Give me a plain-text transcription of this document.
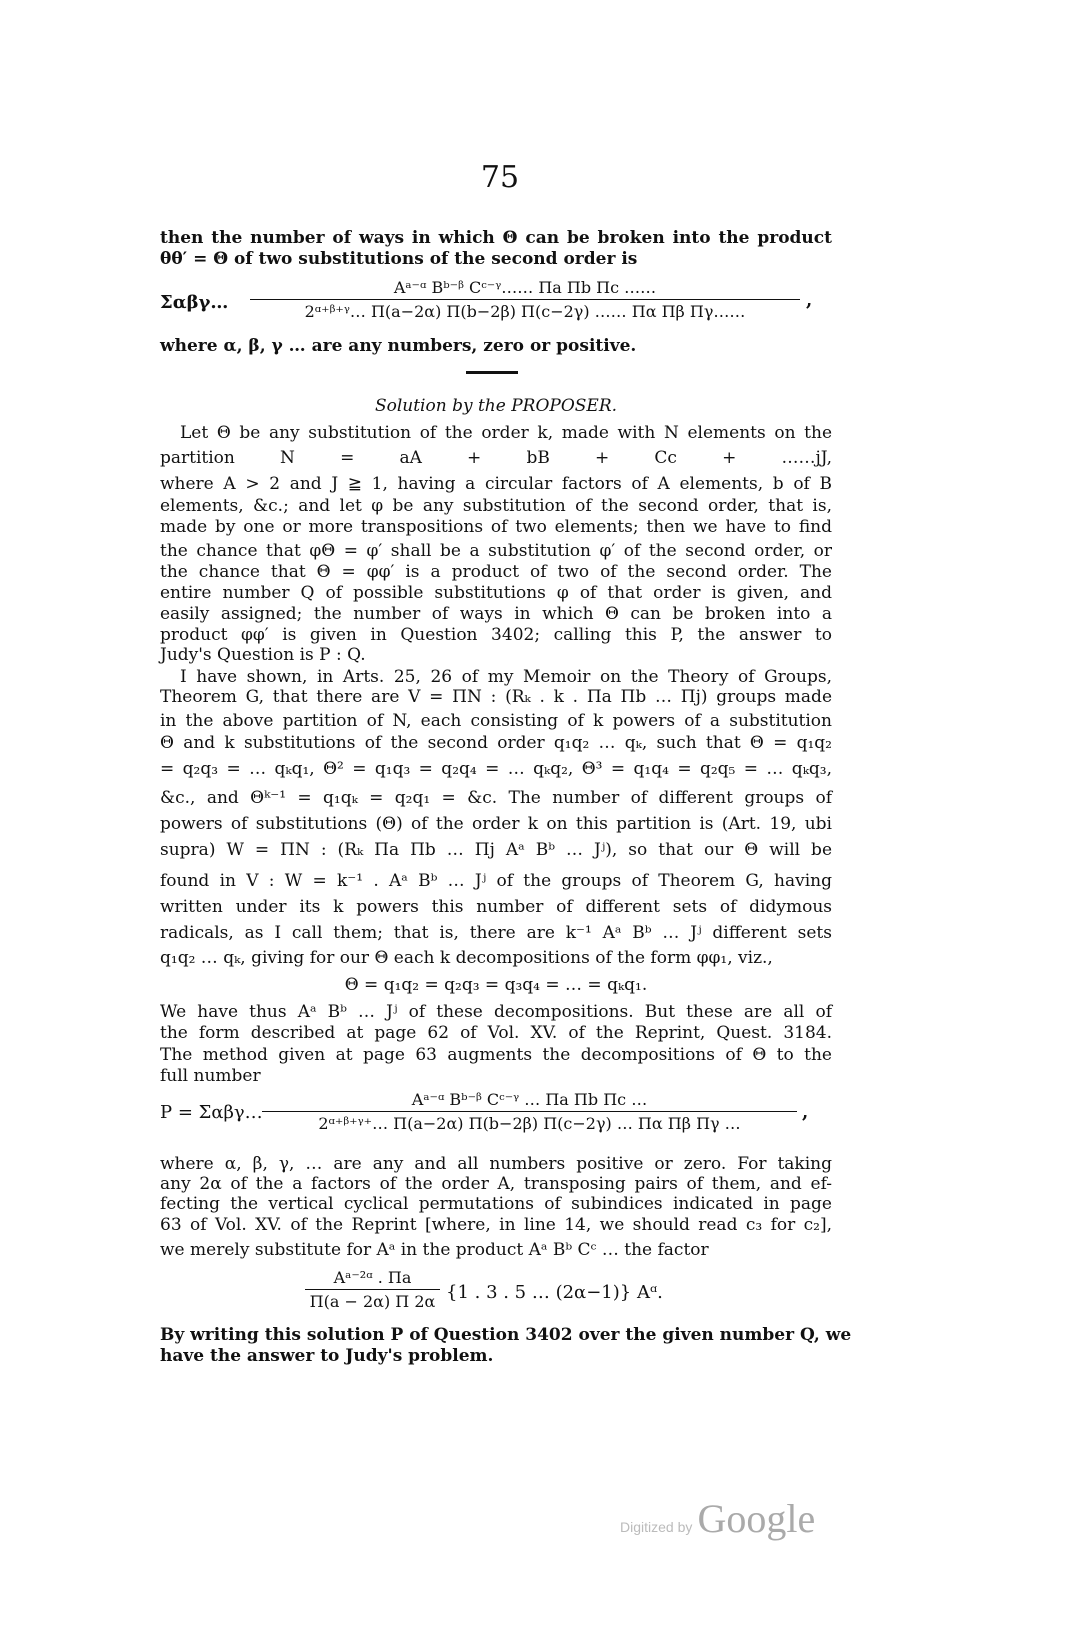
75
then the number of ways in which Θ can be broken into the product
θθ′ = Θ of two substitutions of the second order is
Σαβγ… $\frac{\text{Aᵃ⁻ᵅ Bᵇ⁻ᵝ Cᶜ⁻ᵞ…… Πa Πb Πc ……}}{\text{2ᵅ⁺ᵝ⁺ᵞ… Π(a−2α) Π(b−2β) Π(c−2γ) …… Πα Πβ Πγ……}}$ ,
where α, β, γ … are any numbers, zero or positive.
Solution by the PROPOSER.
Let Θ be any substitution of the order k, made with N elements on the
partition N = aA + bB + Cc + ……jJ,
where A > 2 and J ≧ 1, having a circular factors of A elements, b of B
elements, &c.; and let φ be any substitution of the second order, that is,
made by one or more transpositions of two elements; then we have to find
the chance that φΘ = φ′ shall be a substitution φ′ of the second order, or
the chance that Θ = φφ′ is a product of two of the second order. The
entire number Q of possible substitutions φ of that order is given, and
easily assigned; the number of ways in which Θ can be broken into a
product φφ′ is given in Question 3402; calling this P, the answer to
Judy's Question is P : Q.
I have shown, in Arts. 25, 26 of my Memoir on the Theory of Groups,
Theorem G, that there are V = ΠN : (Rₖ . k . Πa Πb … Πj) groups made
in the above partition of N, each consisting of k powers of a substitution
Θ and k substitutions of the second order q₁q₂ … qₖ, such that Θ = q₁q₂
= q₂q₃ = … qₖq₁, Θ² = q₁q₃ = q₂q₄ = … qₖq₂, Θ³ = q₁q₄ = q₂q₅ = … qₖq₃,
&c., and Θᵏ⁻¹ = q₁qₖ = q₂q₁ = &c. The number of different groups of
powers of substitutions (Θ) of the order k on this partition is (Art. 19, ubi
supra) W = ΠN : (Rₖ Πa Πb … Πj Aᵃ Bᵇ … Jʲ), so that our Θ will be
found in V : W = k⁻¹ . Aᵃ Bᵇ … Jʲ of the groups of Theorem G, having
written under its k powers this number of different sets of didymous
radicals, as I call them; that is, there are k⁻¹ Aᵃ Bᵇ … Jʲ different sets
q₁q₂ … qₖ, giving for our Θ each k decompositions of the form φφ₁, viz.,
Θ = q₁q₂ = q₂q₃ = q₃q₄ = … = qₖq₁.
We have thus Aᵃ Bᵇ … Jʲ of these decompositions. But these are all of
the form described at page 62 of Vol. XV. of the Reprint, Quest. 3184.
The method given at page 63 augments the decompositions of Θ to the
full number
P = Σαβγ… $\frac{\text{Aᵃ⁻ᵅ Bᵇ⁻ᵝ Cᶜ⁻ᵞ … Πa Πb Πc …}}{\text{2ᵅ⁺ᵝ⁺ᵞ⁺… Π(a−2α) Π(b−2β) Π(c−2γ) … Πα Πβ Πγ …}}$ ,
where α, β, γ, … are any and all numbers positive or zero. For taking
any 2α of the a factors of the order A, transposing pairs of them, and ef-
fecting the vertical cyclical permutations of subindices indicated in page
63 of Vol. XV. of the Reprint [where, in line 14, we should read c₃ for c₂],
we merely substitute for Aᵃ in the product Aᵃ Bᵇ Cᶜ … the factor
$\frac{\text{Aᵃ⁻²ᵅ . Πa}}{\Pi(a - 2\alpha) \Pi 2\alpha} \{1$ . 3 . 5 … (2α−1)} Aᵅ.
By writing this solution P of Question 3402 over the given number Q, we
have the answer to Judy's problem.
Digitized by Google
